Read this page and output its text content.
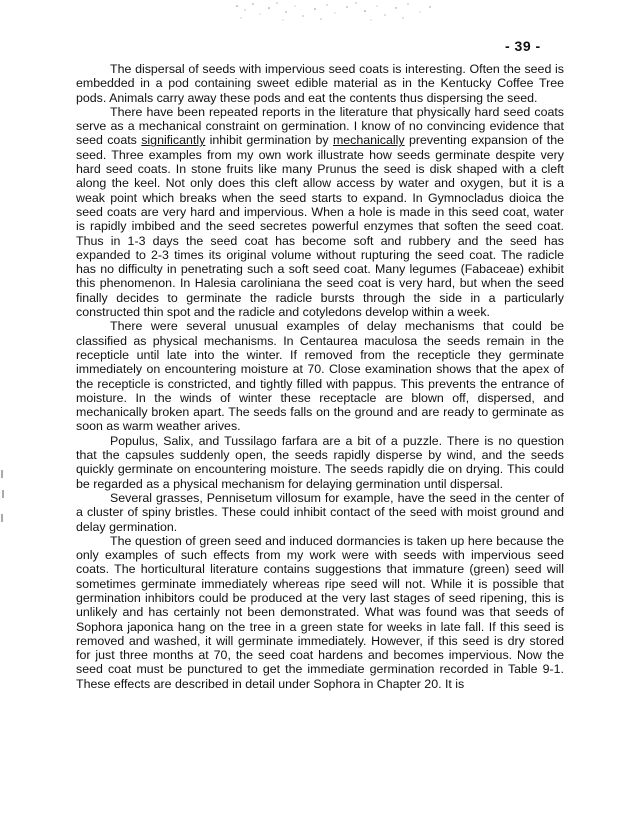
- 39 -

The dispersal of seeds with impervious seed coats is interesting. Often the seed is embedded in a pod containing sweet edible material as in the Kentucky Coffee Tree pods. Animals carry away these pods and eat the contents thus dispersing the seed.

There have been repeated reports in the literature that physically hard seed coats serve as a mechanical constraint on germination. I know of no convincing evidence that seed coats significantly inhibit germination by mechanically preventing expansion of the seed. Three examples from my own work illustrate how seeds germinate despite very hard seed coats. In stone fruits like many Prunus the seed is disk shaped with a cleft along the keel. Not only does this cleft allow access by water and oxygen, but it is a weak point which breaks when the seed starts to expand. In Gymnocladus dioica the seed coats are very hard and impervious. When a hole is made in this seed coat, water is rapidly imbibed and the seed secretes powerful enzymes that soften the seed coat. Thus in 1-3 days the seed coat has become soft and rubbery and the seed has expanded to 2-3 times its original volume without rupturing the seed coat. The radicle has no difficulty in penetrating such a soft seed coat. Many legumes (Fabaceae) exhibit this phenomenon. In Halesia caroliniana the seed coat is very hard, but when the seed finally decides to germinate the radicle bursts through the side in a particularly constructed thin spot and the radicle and cotyledons develop within a week.

There were several unusual examples of delay mechanisms that could be classified as physical mechanisms. In Centaurea maculosa the seeds remain in the recepticle until late into the winter. If removed from the recepticle they germinate immediately on encountering moisture at 70. Close examination shows that the apex of the recepticle is constricted, and tightly filled with pappus. This prevents the entrance of moisture. In the winds of winter these receptacle are blown off, dispersed, and mechanically broken apart. The seeds falls on the ground and are ready to germinate as soon as warm weather arives.

Populus, Salix, and Tussilago farfara are a bit of a puzzle. There is no question that the capsules suddenly open, the seeds rapidly disperse by wind, and the seeds quickly germinate on encountering moisture. The seeds rapidly die on drying. This could be regarded as a physical mechanism for delaying germination until dispersal.

Several grasses, Pennisetum villosum for example, have the seed in the center of a cluster of spiny bristles. These could inhibit contact of the seed with moist ground and delay germination.

The question of green seed and induced dormancies is taken up here because the only examples of such effects from my work were with seeds with impervious seed coats. The horticultural literature contains suggestions that immature (green) seed will sometimes germinate immediately whereas ripe seed will not. While it is possible that germination inhibitors could be produced at the very last stages of seed ripening, this is unlikely and has certainly not been demonstrated. What was found was that seeds of Sophora japonica hang on the tree in a green state for weeks in late fall. If this seed is removed and washed, it will germinate immediately. However, if this seed is dry stored for just three months at 70, the seed coat hardens and becomes impervious. Now the seed coat must be punctured to get the immediate germination recorded in Table 9-1. These effects are described in detail under Sophora in Chapter 20. It is
